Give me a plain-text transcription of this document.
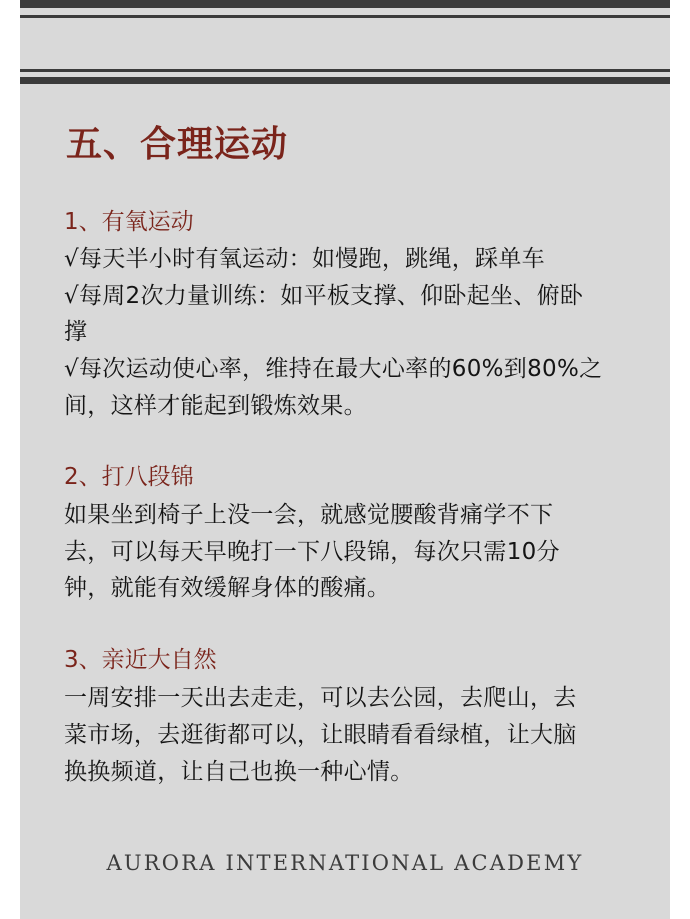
五、合理运动
1、有氧运动
√每天半小时有氧运动：如慢跑，跳绳，踩单车
√每周2次力量训练：如平板支撑、仰卧起坐、俯卧
撑
√每次运动使心率，维持在最大心率的60%到80%之
间，这样才能起到锻炼效果。
2、打八段锦
如果坐到椅子上没一会，就感觉腰酸背痛学不下
去，可以每天早晚打一下八段锦，每次只需10分
钟，就能有效缓解身体的酸痛。
3、亲近大自然
一周安排一天出去走走，可以去公园，去爬山，去
菜市场，去逛街都可以，让眼睛看看绿植，让大脑
换换频道，让自己也换一种心情。
AURORA INTERNATIONAL ACADEMY
